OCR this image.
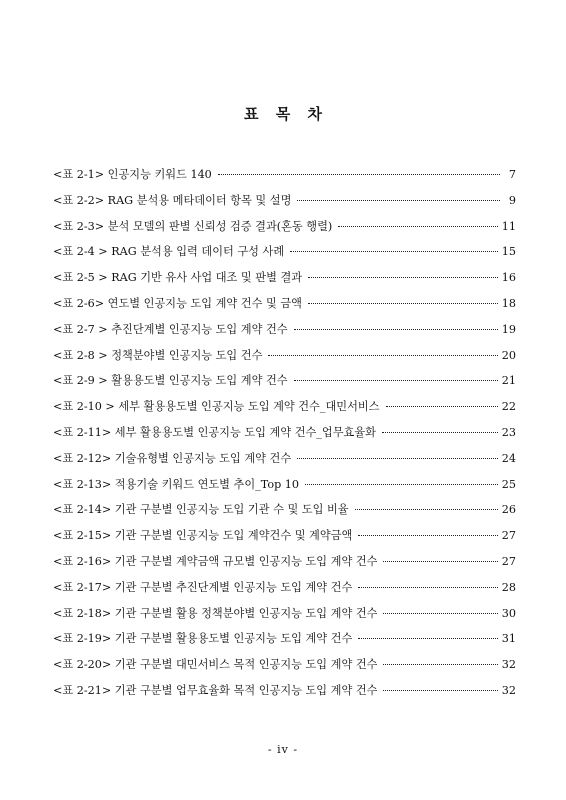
표 목 차
<표 2-1> 인공지능 키워드 140	7
<표 2-2> RAG 분석용 메타데이터 항목 및 설명	9
<표 2-3> 분석 모델의 판별 신뢰성 검증 결과(혼동 행렬)	11
<표 2-4 > RAG 분석용 입력 데이터 구성 사례	15
<표 2-5 > RAG 기반 유사 사업 대조 및 판별 결과	16
<표 2-6> 연도별 인공지능 도입 계약 건수 및 금액	18
<표 2-7 > 추진단계별 인공지능 도입 계약 건수	19
<표 2-8 > 정책분야별 인공지능 도입 건수	20
<표 2-9 > 활용용도별 인공지능 도입 계약 건수	21
<표 2-10 > 세부 활용용도별 인공지능 도입 계약 건수_대민서비스	22
<표 2-11> 세부 활용용도별 인공지능 도입 계약 건수_업무효율화	23
<표 2-12> 기술유형별 인공지능 도입 계약 건수	24
<표 2-13> 적용기술 키워드 연도별 추이_Top 10	25
<표 2-14> 기관 구분별 인공지능 도입 기관 수 및 도입 비율	26
<표 2-15> 기관 구분별 인공지능 도입 계약건수 및 계약금액	27
<표 2-16> 기관 구분별 계약금액 규모별 인공지능 도입 계약 건수	27
<표 2-17> 기관 구분별 추진단계별 인공지능 도입 계약 건수	28
<표 2-18> 기관 구분별 활용 정책분야별 인공지능 도입 계약 건수	30
<표 2-19> 기관 구분별 활용용도별 인공지능 도입 계약 건수	31
<표 2-20> 기관 구분별 대민서비스 목적 인공지능 도입 계약 건수	32
<표 2-21> 기관 구분별 업무효율화 목적 인공지능 도입 계약 건수	32
- iv -
